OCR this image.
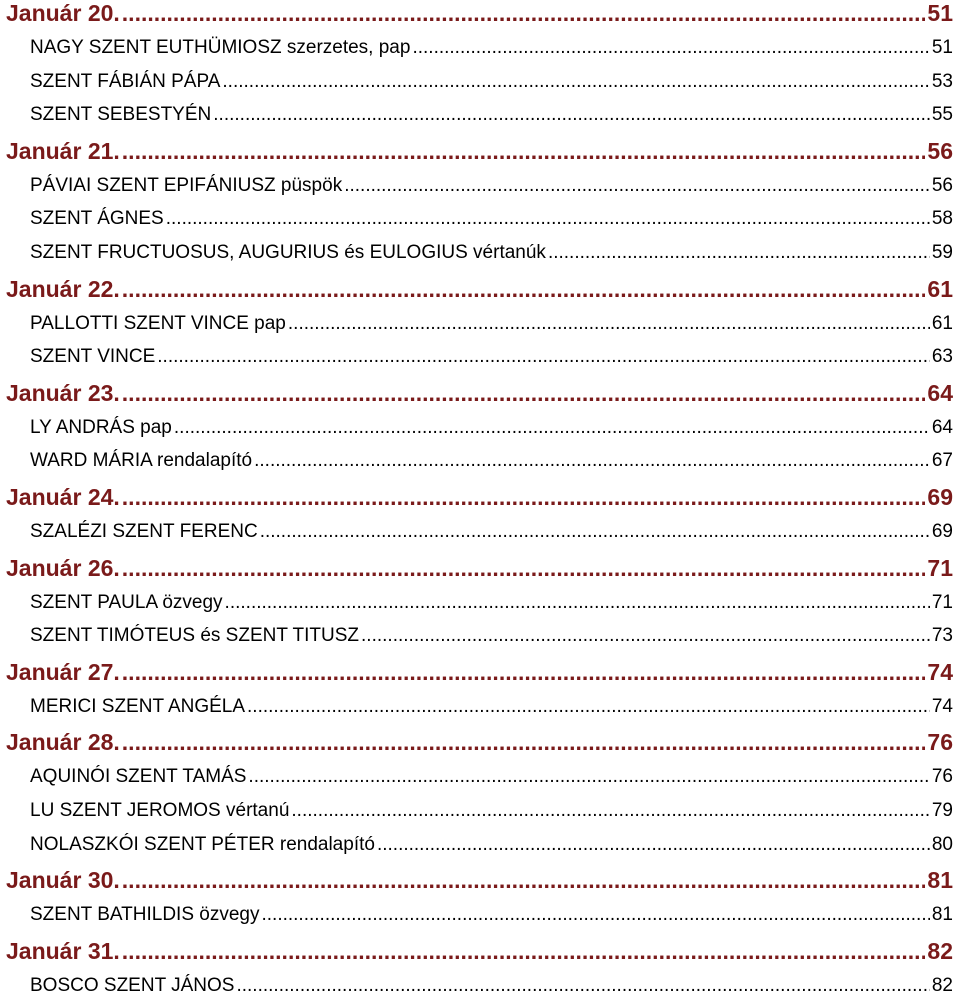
Január 20. .....	51
NAGY SZENT EUTHÜMIOSZ szerzetes, pap .....	51
SZENT FÁBIÁN PÁPA .....	53
SZENT SEBESTYÉN .....	55
Január 21. .....	56
PÁVIAI SZENT EPIFÁNIUSZ püspök .....	56
SZENT ÁGNES .....	58
SZENT FRUCTUOSUS, AUGURIUS és EULOGIUS vértanúk .....	59
Január 22. .....	61
PALLOTTI SZENT VINCE pap .....	61
SZENT VINCE .....	63
Január 23. .....	64
LY ANDRÁS pap .....	64
WARD MÁRIA rendalapító .....	67
Január 24. .....	69
SZALÉZI SZENT FERENC .....	69
Január 26. .....	71
SZENT PAULA özvegy .....	71
SZENT TIMÓTEUS és SZENT TITUSZ .....	73
Január 27. .....	74
MERICI SZENT ANGÉLA .....	74
Január 28. .....	76
AQUINÓI SZENT TAMÁS .....	76
LU SZENT JEROMOS vértanú .....	79
NOLASZKÓI SZENT PÉTER rendalapító .....	80
Január 30. .....	81
SZENT BATHILDIS özvegy .....	81
Január 31. .....	82
BOSCO SZENT JÁNOS .....	82
